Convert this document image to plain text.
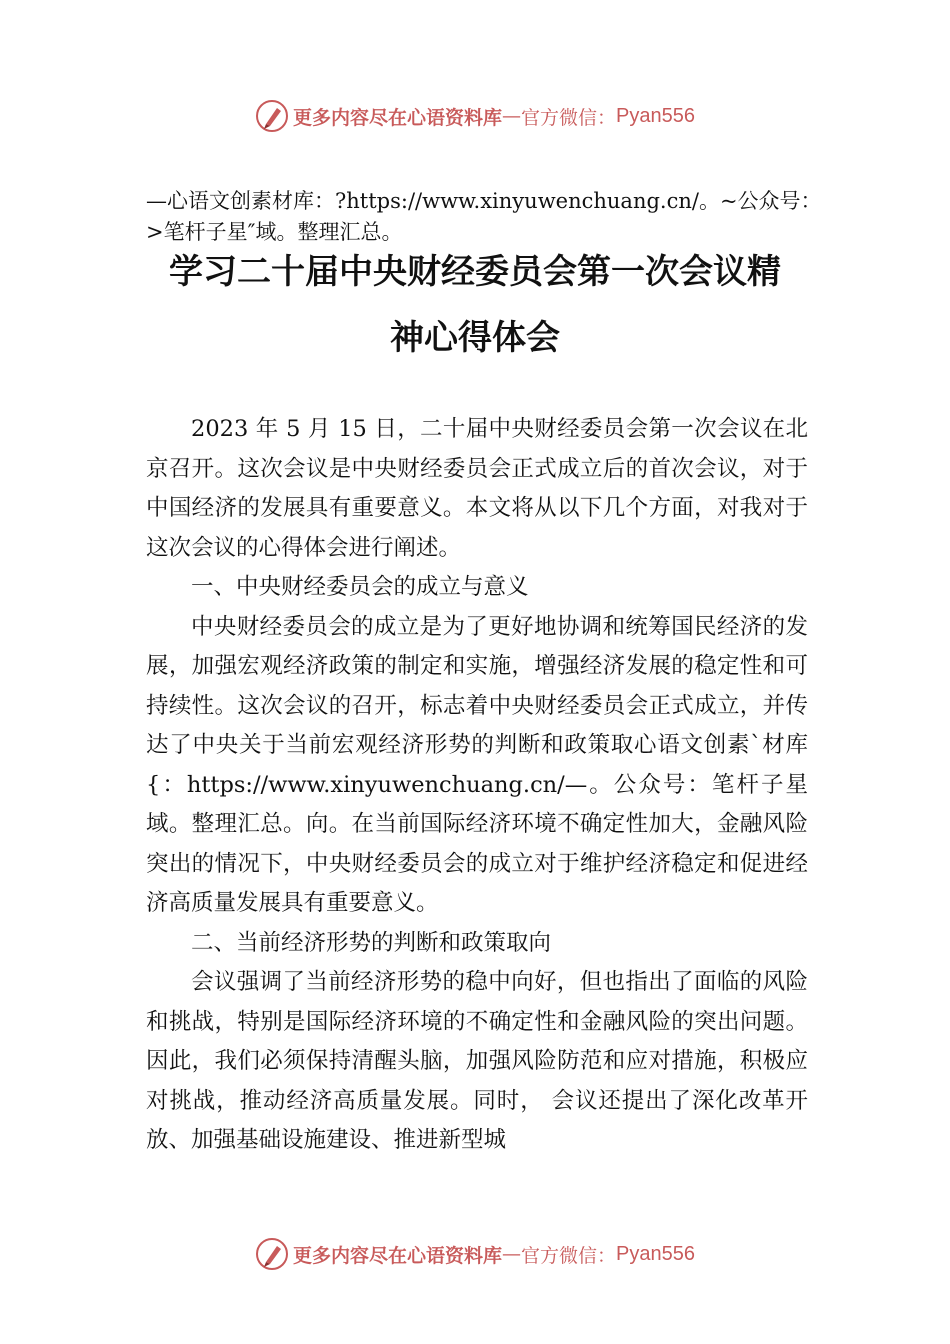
更多内容尽在心语资料库 — 官方微信： Pyan556
—心语文创素材库：?https://www.xinyuwenchuang.cn/。~公众号：>笔杆子星″域。整理汇总。
学习二十届中央财经委员会第一次会议精
神心得体会

2023 年 5 月 15 日，二十届中央财经委员会第一次会议在北京召开。这次会议是中央财经委员会正式成立后的首次会议，对于中国经济的发展具有重要意义。本文将从以下几个方面，对我对于这次会议的心得体会进行阐述。

一、中央财经委员会的成立与意义

中央财经委员会的成立是为了更好地协调和统筹国民经济的发展，加强宏观经济政策的制定和实施，增强经济发展的稳定性和可持续性。这次会议的召开，标志着中央财经委员会正式成立，并传达了中央关于当前宏观经济形势的判断和政策取心语文创素`材库{：https://www.xinyuwenchuang.cn/—。公众号：笔杆子星域。整理汇总。向。在当前国际经济环境不确定性加大，金融风险突出的情况下，中央财经委员会的成立对于维护经济稳定和促进经济高质量发展具有重要意义。

二、当前经济形势的判断和政策取向

会议强调了当前经济形势的稳中向好，但也指出了面临的风险和挑战，特别是国际经济环境的不确定性和金融风险的突出问题。因此，我们必须保持清醒头脑，加强风险防范和应对措施，积极应对挑战，推动经济高质量发展。同时， 会议还提出了深化改革开放、加强基础设施建设、推进新型城

更多内容尽在心语资料库 — 官方微信： Pyan556
